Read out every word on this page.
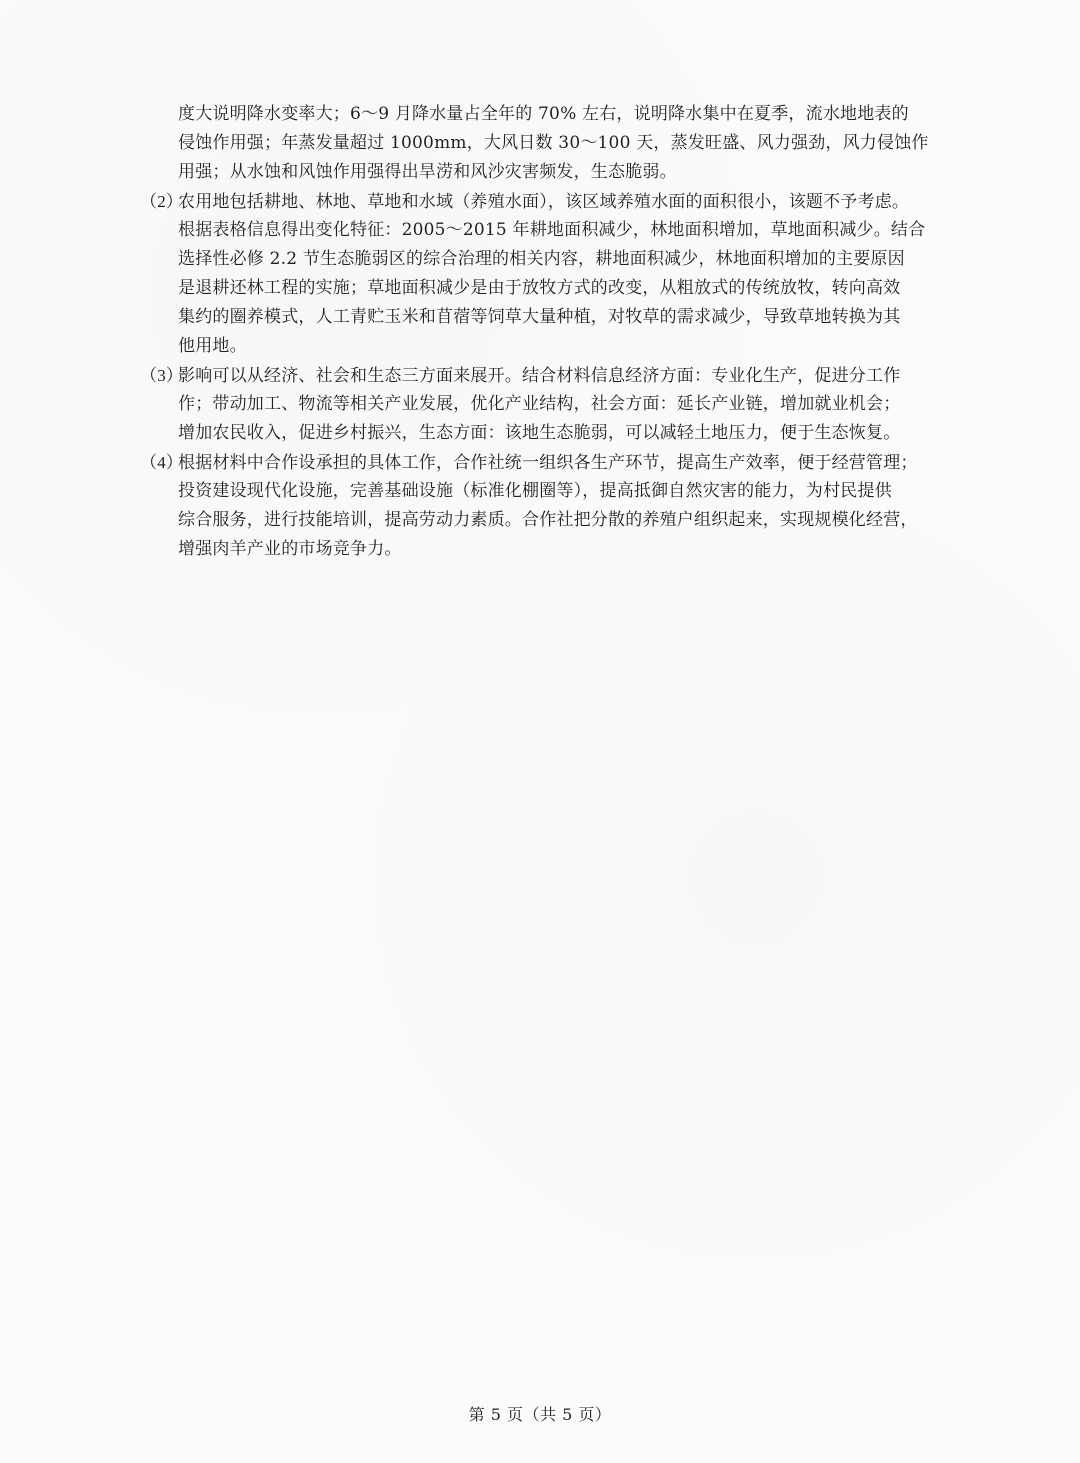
度大说明降水变率大；6～9 月降水量占全年的 70% 左右，说明降水集中在夏季，流水地地表的
侵蚀作用强；年蒸发量超过 1000mm，大风日数 30～100 天，蒸发旺盛、风力强劲，风力侵蚀作
用强；从水蚀和风蚀作用强得出旱涝和风沙灾害频发，生态脆弱。
（2）农用地包括耕地、林地、草地和水域（养殖水面），该区域养殖水面的面积很小，该题不予考虑。
根据表格信息得出变化特征：2005～2015 年耕地面积减少，林地面积增加，草地面积减少。结合
选择性必修 2.2 节生态脆弱区的综合治理的相关内容，耕地面积减少，林地面积增加的主要原因
是退耕还林工程的实施；草地面积减少是由于放牧方式的改变，从粗放式的传统放牧，转向高效
集约的圈养模式，人工青贮玉米和苜蓿等饲草大量种植，对牧草的需求减少，导致草地转换为其
他用地。
（3）影响可以从经济、社会和生态三方面来展开。结合材料信息经济方面：专业化生产，促进分工作
作；带动加工、物流等相关产业发展，优化产业结构，社会方面：延长产业链，增加就业机会；
增加农民收入，促进乡村振兴，生态方面：该地生态脆弱，可以减轻土地压力，便于生态恢复。
（4）根据材料中合作设承担的具体工作，合作社统一组织各生产环节，提高生产效率，便于经营管理；
投资建设现代化设施，完善基础设施（标准化棚圈等），提高抵御自然灾害的能力，为村民提供
综合服务，进行技能培训，提高劳动力素质。合作社把分散的养殖户组织起来，实现规模化经营，
增强肉羊产业的市场竞争力。
第 5 页（共 5 页）
